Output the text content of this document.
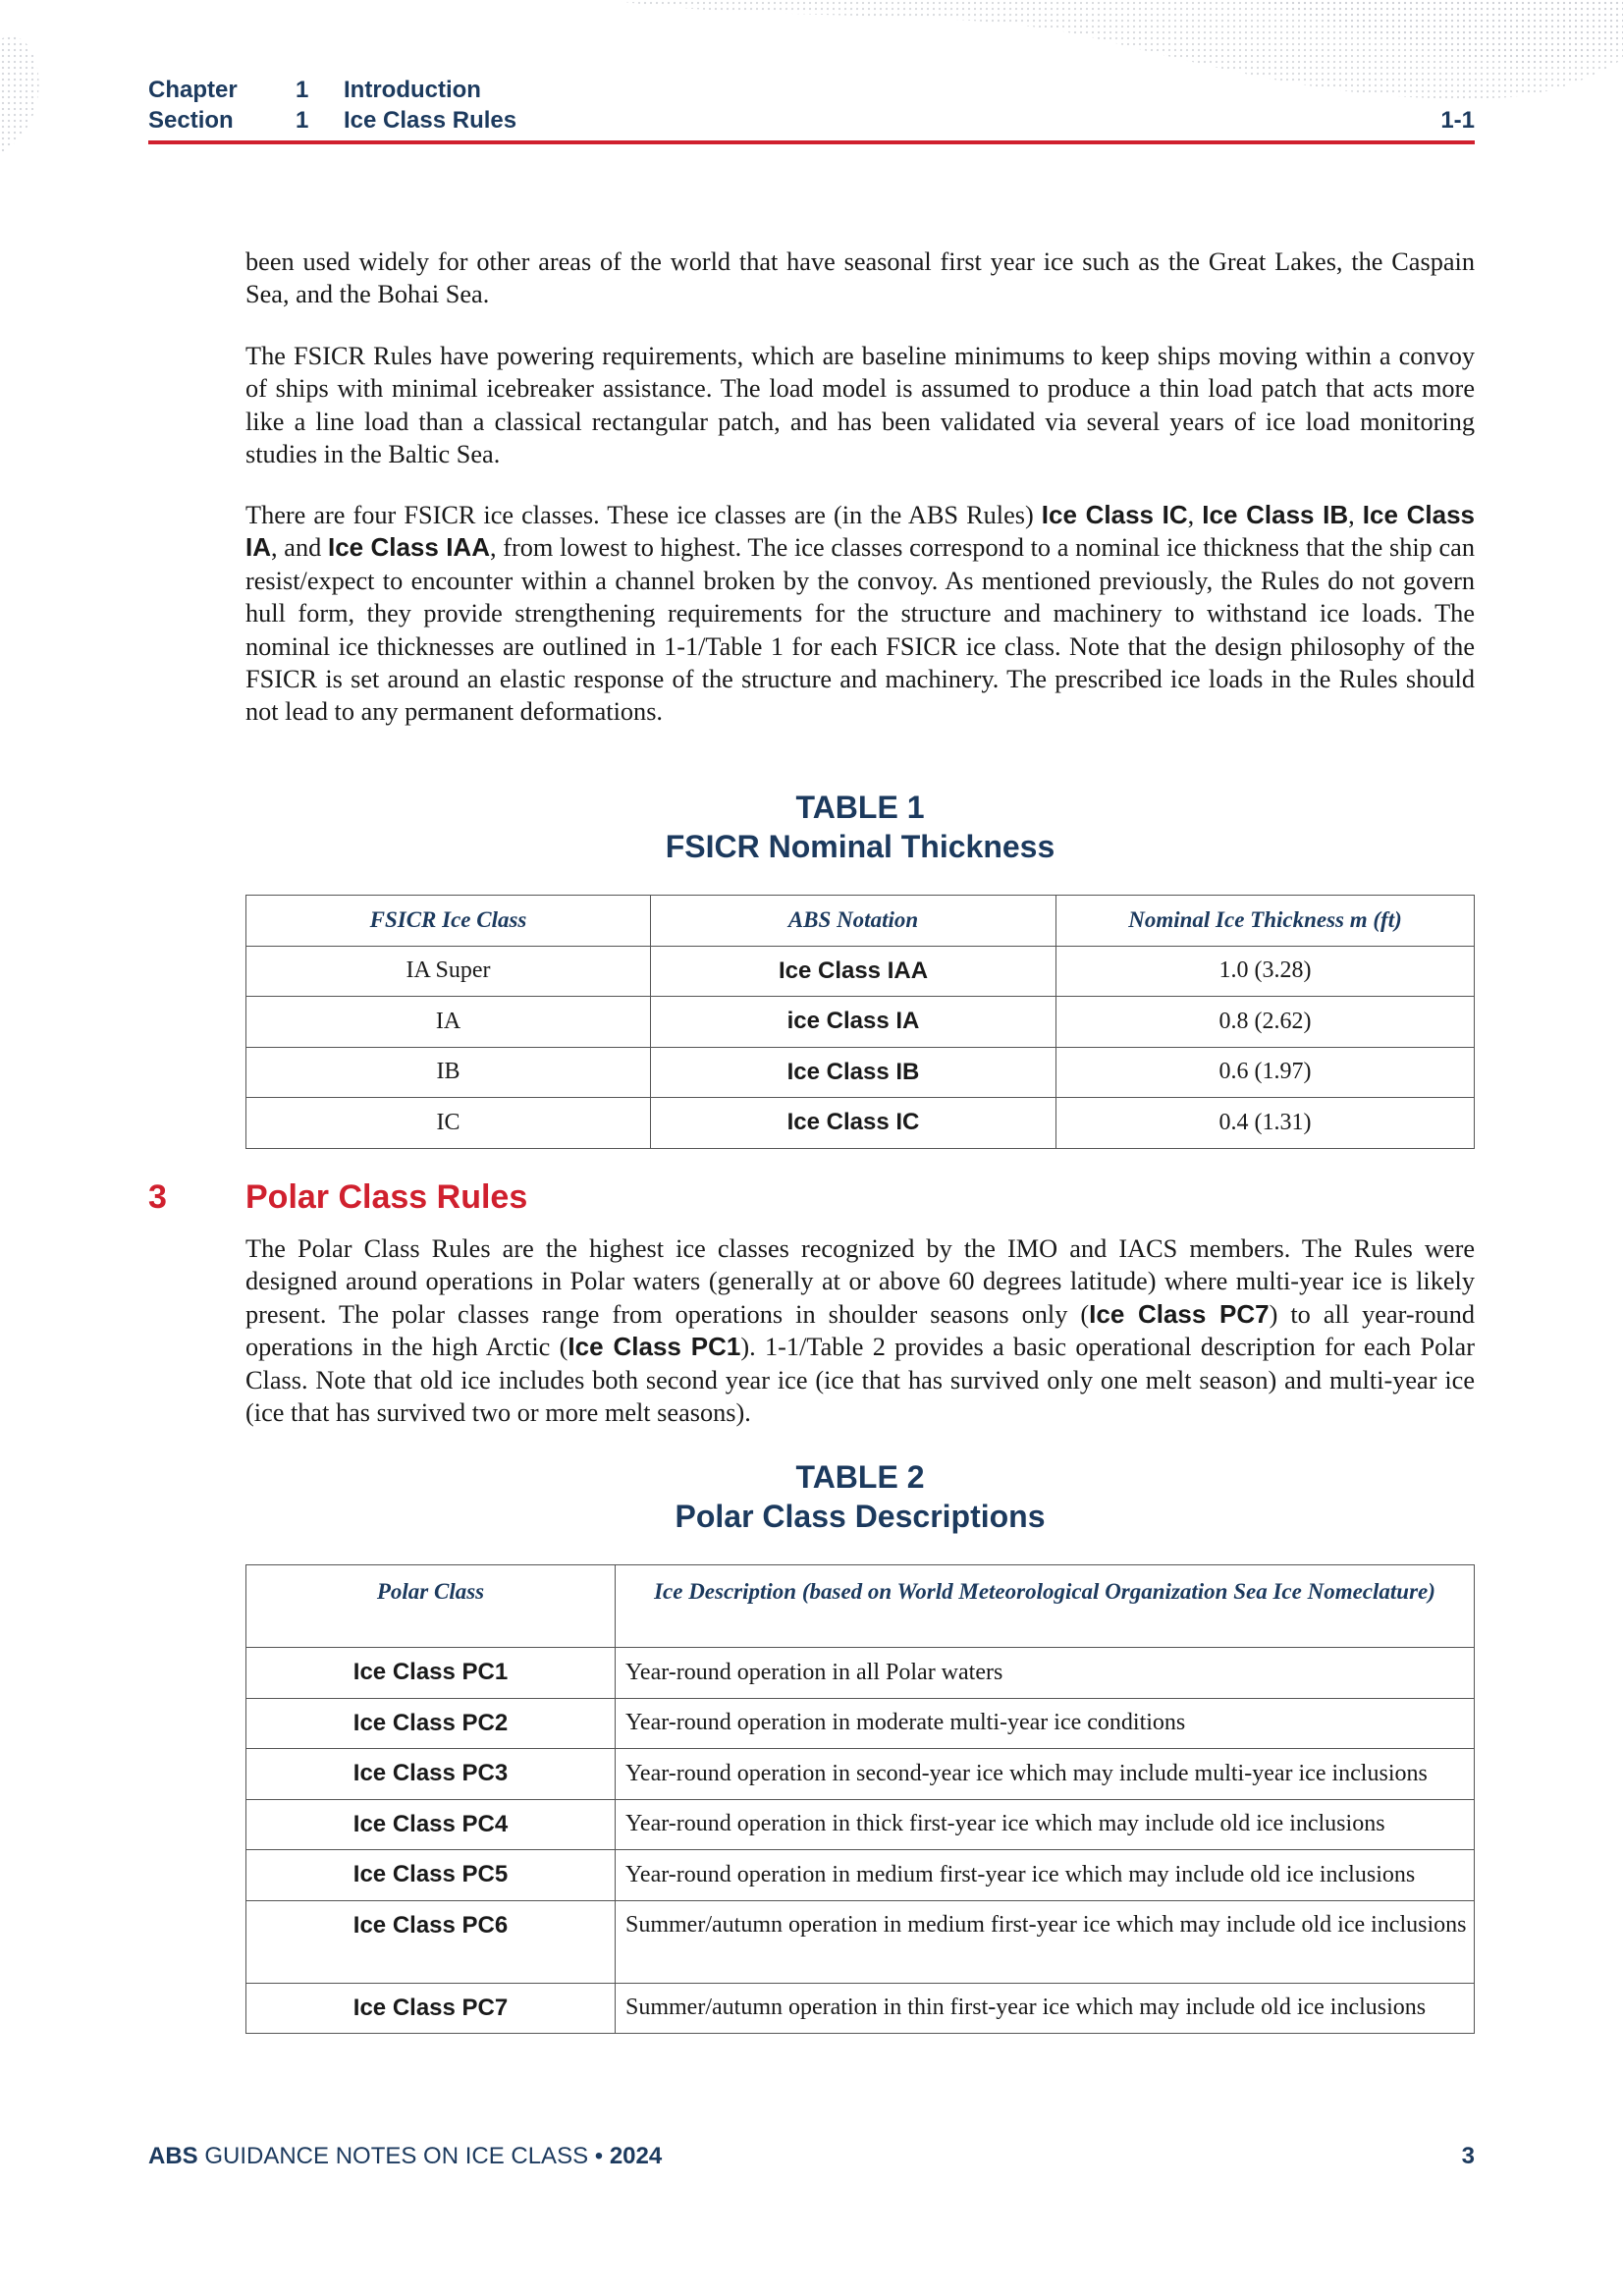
Chapter	1	Introduction
Section	1	Ice Class Rules	1-1

been used widely for other areas of the world that have seasonal first year ice such as the Great Lakes, the Caspain Sea, and the Bohai Sea.

The FSICR Rules have powering requirements, which are baseline minimums to keep ships moving within a convoy of ships with minimal icebreaker assistance. The load model is assumed to produce a thin load patch that acts more like a line load than a classical rectangular patch, and has been validated via several years of ice load monitoring studies in the Baltic Sea.

There are four FSICR ice classes. These ice classes are (in the ABS Rules) Ice Class IC, Ice Class IB, Ice Class IA, and Ice Class IAA, from lowest to highest. The ice classes correspond to a nominal ice thickness that the ship can resist/expect to encounter within a channel broken by the convoy. As mentioned previously, the Rules do not govern hull form, they provide strengthening requirements for the structure and machinery to withstand ice loads. The nominal ice thicknesses are outlined in 1-1/Table 1 for each FSICR ice class. Note that the design philosophy of the FSICR is set around an elastic response of the structure and machinery. The prescribed ice loads in the Rules should not lead to any permanent deformations.

TABLE 1
FSICR Nominal Thickness
FSICR Ice Class	ABS Notation	Nominal Ice Thickness m (ft)
IA Super	Ice Class IAA	1.0 (3.28)
IA	ice Class IA	0.8 (2.62)
IB	Ice Class IB	0.6 (1.97)
IC	Ice Class IC	0.4 (1.31)
3 Polar Class Rules

The Polar Class Rules are the highest ice classes recognized by the IMO and IACS members. The Rules were designed around operations in Polar waters (generally at or above 60 degrees latitude) where multi-year ice is likely present. The polar classes range from operations in shoulder seasons only (Ice Class PC7) to all year-round operations in the high Arctic (Ice Class PC1). 1-1/Table 2 provides a basic operational description for each Polar Class. Note that old ice includes both second year ice (ice that has survived only one melt season) and multi-year ice (ice that has survived two or more melt seasons).

TABLE 2
Polar Class Descriptions
Polar Class	Ice Description (based on World Meteorological Organization Sea Ice Nomeclature)
Ice Class PC1	Year-round operation in all Polar waters
Ice Class PC2	Year-round operation in moderate multi-year ice conditions
Ice Class PC3	Year-round operation in second-year ice which may include multi-year ice inclusions
Ice Class PC4	Year-round operation in thick first-year ice which may include old ice inclusions
Ice Class PC5	Year-round operation in medium first-year ice which may include old ice inclusions
Ice Class PC6	Summer/autumn operation in medium first-year ice which may include old ice inclusions
Ice Class PC7	Summer/autumn operation in thin first-year ice which may include old ice inclusions
ABS GUIDANCE NOTES ON ICE CLASS • 2024	3
